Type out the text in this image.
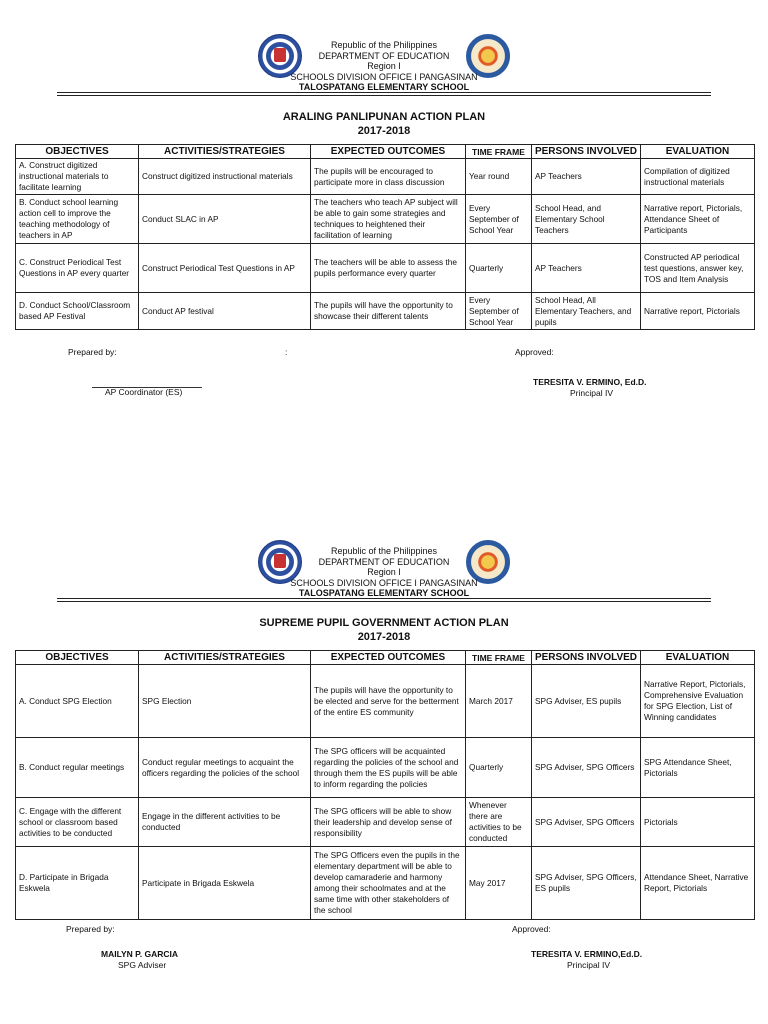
Republic of the Philippines
DEPARTMENT OF EDUCATION
Region I
SCHOOLS DIVISION OFFICE I PANGASINAN
TALOSPATANG ELEMENTARY SCHOOL
ARALING PANLIPUNAN ACTION PLAN
2017-2018
OBJECTIVES	ACTIVITIES/STRATEGIES	EXPECTED OUTCOMES	TIME FRAME	PERSONS INVOLVED	EVALUATION
A. Construct digitized instructional materials to facilitate learning	Construct digitized instructional materials	The pupils will be encouraged to participate more in class discussion	Year round	AP Teachers	Compilation of digitized instructional materials
B. Conduct school learning action cell to improve the teaching methodology of teachers in AP	Conduct SLAC in AP	The teachers who teach AP subject will be able to gain some strategies and techniques to heightened their facilitation of learning	Every September of School Year	School Head, and Elementary School Teachers	Narrative report, Pictorials, Attendance Sheet of Participants
C. Construct Periodical Test Questions in AP every quarter	Construct Periodical Test Questions in AP	The teachers will be able to assess the pupils performance every quarter	Quarterly	AP Teachers	Constructed AP periodical test questions, answer key, TOS and Item Analysis
D. Conduct School/Classroom based AP Festival	Conduct AP festival	The pupils will have the opportunity to showcase their different talents	Every September of School Year	School Head, All Elementary Teachers, and pupils	Narrative report, Pictorials
Prepared by:	:	Approved:
AP Coordinator (ES)
TERESITA V. ERMINO, Ed.D.
Principal IV
Republic of the Philippines
DEPARTMENT OF EDUCATION
Region I
SCHOOLS DIVISION OFFICE I PANGASINAN
TALOSPATANG ELEMENTARY SCHOOL
SUPREME PUPIL GOVERNMENT ACTION PLAN
2017-2018
OBJECTIVES	ACTIVITIES/STRATEGIES	EXPECTED OUTCOMES	TIME FRAME	PERSONS INVOLVED	EVALUATION
A. Conduct SPG Election	SPG Election	The pupils will have the opportunity to be elected and serve for the betterment of the entire ES community	March 2017	SPG Adviser, ES pupils	Narrative Report, Pictorials, Comprehensive Evaluation for SPG Election, List of Winning candidates
B. Conduct regular meetings	Conduct regular meetings to acquaint the officers regarding the policies of the school	The SPG officers will be acquainted regarding the policies of the school and through them the ES pupils will be able to inform regarding the policies	Quarterly	SPG Adviser, SPG Officers	SPG Attendance Sheet, Pictorials
C. Engage with the different school or classroom based activities to be conducted	Engage in the different activities to be conducted	The SPG officers will be able to show their leadership and develop sense of responsibility	Whenever there are activities to be conducted	SPG Adviser, SPG Officers	Pictorials
D. Participate in Brigada Eskwela	Participate in Brigada Eskwela	The SPG Officers even the pupils in the elementary department will be able to develop camaraderie and harmony among their schoolmates and at the same time with other stakeholders of the school	May 2017	SPG Adviser, SPG Officers, ES pupils	Attendance Sheet, Narrative Report, Pictorials
Prepared by:	Approved:
MAILYN P. GARCIA
SPG Adviser
TERESITA V. ERMINO,Ed.D.
Principal IV
